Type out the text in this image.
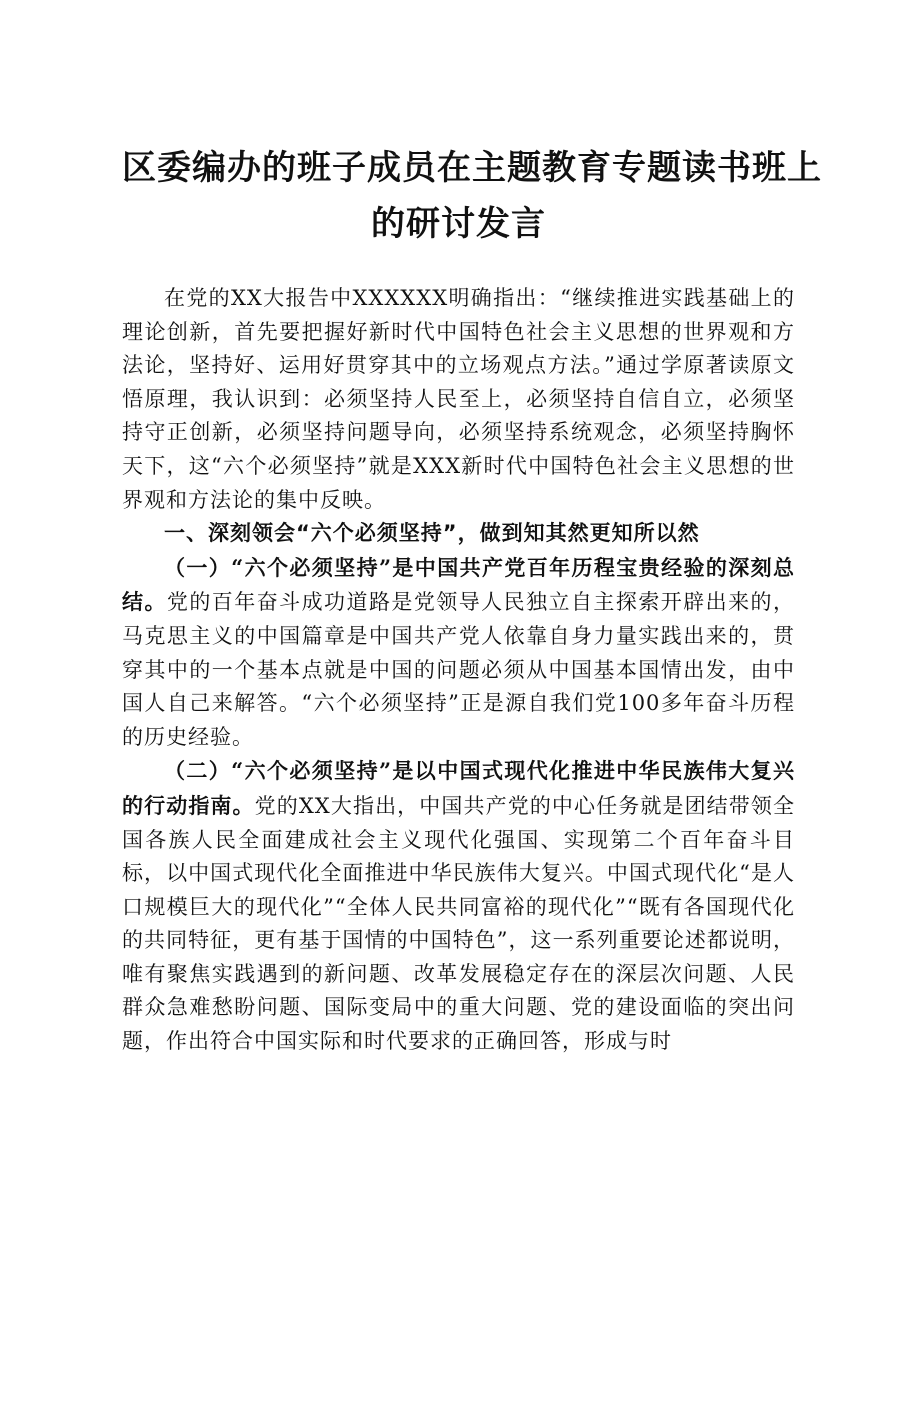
区委编办的班子成员在主题教育专题读书班上
的研讨发言

在党的XX大报告中XXXXXX明确指出：“继续推进实践基础上的理论创新，首先要把握好新时代中国特色社会主义思想的世界观和方法论，坚持好、运用好贯穿其中的立场观点方法。”通过学原著读原文悟原理，我认识到：必须坚持人民至上，必须坚持自信自立，必须坚持守正创新，必须坚持问题导向，必须坚持系统观念，必须坚持胸怀天下，这“六个必须坚持”就是XXX新时代中国特色社会主义思想的世界观和方法论的集中反映。

一、深刻领会“六个必须坚持”，做到知其然更知所以然

（一）“六个必须坚持”是中国共产党百年历程宝贵经验的深刻总结。党的百年奋斗成功道路是党领导人民独立自主探索开辟出来的，马克思主义的中国篇章是中国共产党人依靠自身力量实践出来的，贯穿其中的一个基本点就是中国的问题必须从中国基本国情出发，由中国人自己来解答。“六个必须坚持”正是源自我们党100多年奋斗历程的历史经验。

（二）“六个必须坚持”是以中国式现代化推进中华民族伟大复兴的行动指南。党的XX大指出，中国共产党的中心任务就是团结带领全国各族人民全面建成社会主义现代化强国、实现第二个百年奋斗目标，以中国式现代化全面推进中华民族伟大复兴。中国式现代化“是人口规模巨大的现代化”“全体人民共同富裕的现代化”“既有各国现代化的共同特征，更有基于国情的中国特色”，这一系列重要论述都说明，唯有聚焦实践遇到的新问题、改革发展稳定存在的深层次问题、人民群众急难愁盼问题、国际变局中的重大问题、党的建设面临的突出问题，作出符合中国实际和时代要求的正确回答，形成与时
